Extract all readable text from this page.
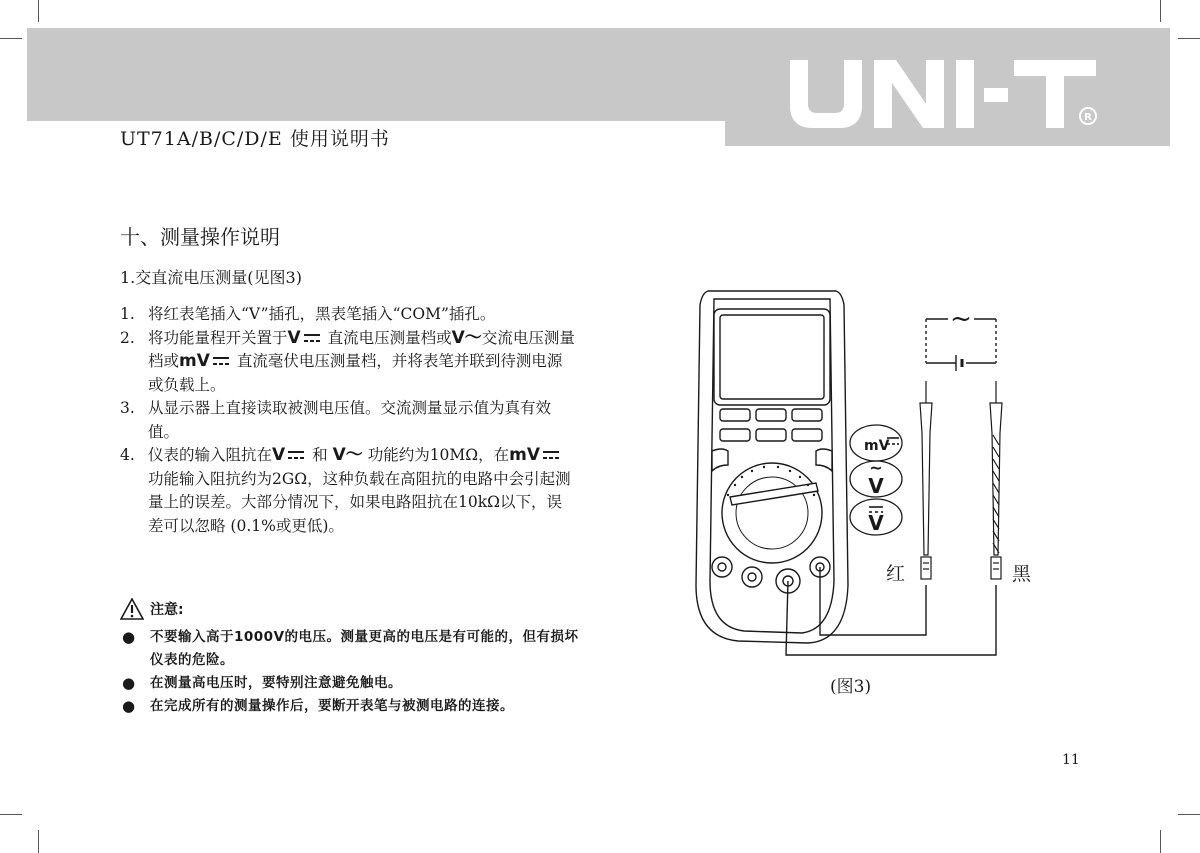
R
UT71A/B/C/D/E 使用说明书
十、测量操作说明
1.交直流电压测量(见图3)
1. 将红表笔插入“V”插孔，黑表笔插入“COM”插孔。
2. 将功能量程开关置于V 直流电压测量档或V～交流电压测量档或mV 直流毫伏电压测量档，并将表笔并联到待测电源或负载上。
3. 从显示器上直接读取被测电压值。交流测量显示值为真有效值。
4. 仪表的输入阻抗在V 和 V～ 功能约为10MΩ，在mV 功能输入阻抗约为2GΩ，这种负载在高阻抗的电路中会引起测量上的误差。大部分情况下，如果电路阻抗在10kΩ以下，误差可以忽略 (0.1%或更低)。
注意:
● 不要输入高于1000V的电压。测量更高的电压是有可能的，但有损坏仪表的危险。
● 在测量高电压时，要特别注意避免触电。
● 在完成所有的测量操作后，要断开表笔与被测电路的连接。
mV
~
V
V
~
红	黑
(图3)
11
